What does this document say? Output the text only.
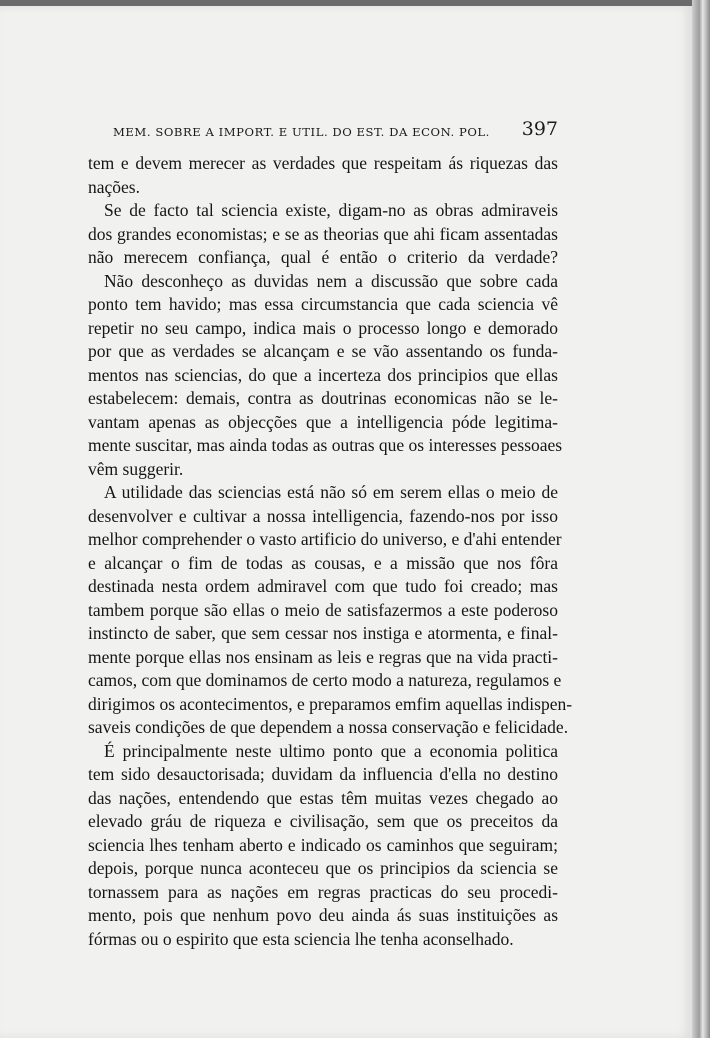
MEM. SOBRE A IMPORT. E UTIL. DO EST. DA ECON. POL. 397
tem e devem merecer as verdades que respeitam ás riquezas das
nações.
Se de facto tal sciencia existe, digam-no as obras admiraveis
dos grandes economistas; e se as theorias que ahi ficam assentadas
não merecem confiança, qual é então o criterio da verdade?
Não desconheço as duvidas nem a discussão que sobre cada
ponto tem havido; mas essa circumstancia que cada sciencia vê
repetir no seu campo, indica mais o processo longo e demorado
por que as verdades se alcançam e se vão assentando os funda-
mentos nas sciencias, do que a incerteza dos principios que ellas
estabelecem: demais, contra as doutrinas economicas não se le-
vantam apenas as objecções que a intelligencia póde legitima-
mente suscitar, mas ainda todas as outras que os interesses pessoaes
vêm suggerir.
A utilidade das sciencias está não só em serem ellas o meio de
desenvolver e cultivar a nossa intelligencia, fazendo-nos por isso
melhor comprehender o vasto artificio do universo, e d'ahi entender
e alcançar o fim de todas as cousas, e a missão que nos fôra
destinada nesta ordem admiravel com que tudo foi creado; mas
tambem porque são ellas o meio de satisfazermos a este poderoso
instincto de saber, que sem cessar nos instiga e atormenta, e final-
mente porque ellas nos ensinam as leis e regras que na vida practi-
camos, com que dominamos de certo modo a natureza, regulamos e
dirigimos os acontecimentos, e preparamos emfim aquellas indispen-
saveis condições de que dependem a nossa conservação e felicidade.
É principalmente neste ultimo ponto que a economia politica
tem sido desauctorisada; duvidam da influencia d'ella no destino
das nações, entendendo que estas têm muitas vezes chegado ao
elevado gráu de riqueza e civilisação, sem que os preceitos da
sciencia lhes tenham aberto e indicado os caminhos que seguiram;
depois, porque nunca aconteceu que os principios da sciencia se
tornassem para as nações em regras practicas do seu procedi-
mento, pois que nenhum povo deu ainda ás suas instituições as
fórmas ou o espirito que esta sciencia lhe tenha aconselhado.
